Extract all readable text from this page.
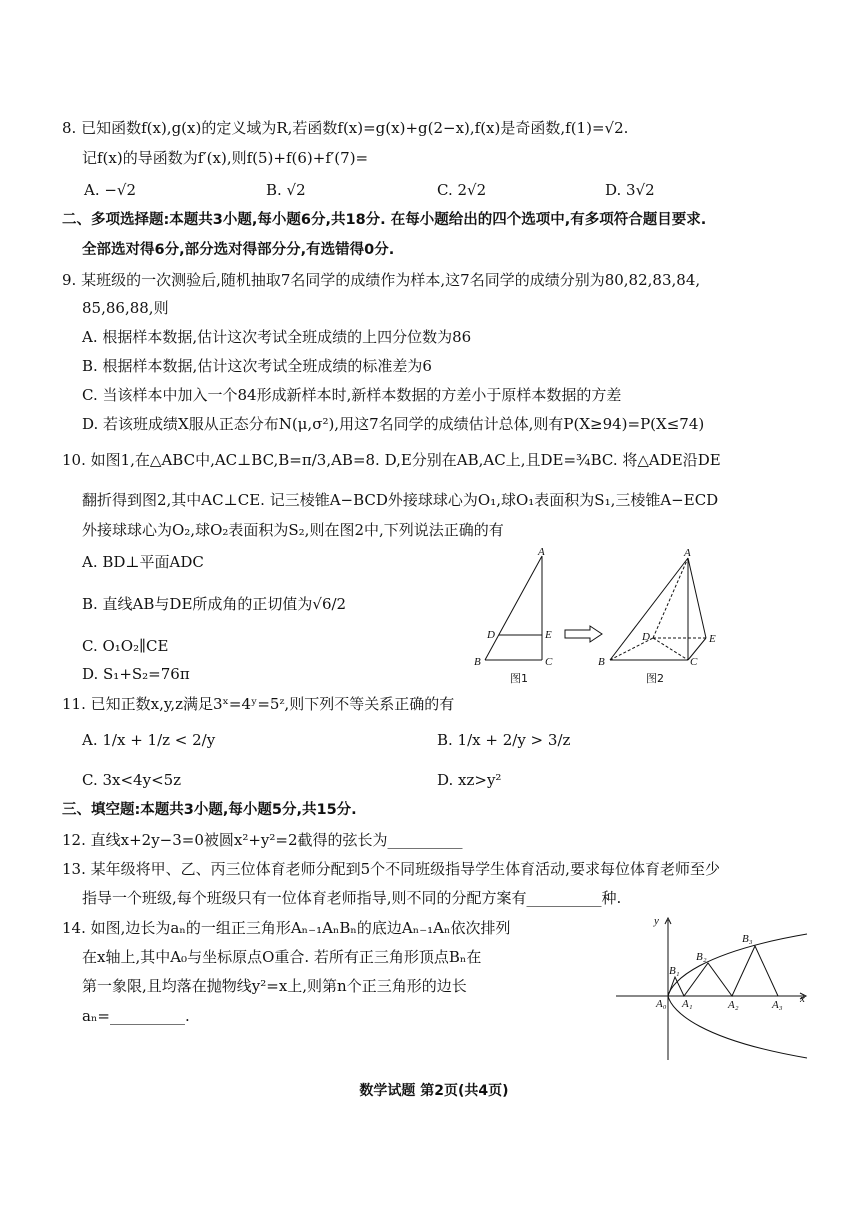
8. 已知函数f(x),g(x)的定义域为R,若函数f(x)=g(x)+g(2−x),f(x)是奇函数,f(1)=√2.
记f(x)的导函数为f′(x),则f(5)+f(6)+f′(7)=
A. −√2	B. √2	C. 2√2	D. 3√2
二、多项选择题:本题共3小题,每小题6分,共18分. 在每小题给出的四个选项中,有多项符合题目要求.
全部选对得6分,部分选对得部分分,有选错得0分.
9. 某班级的一次测验后,随机抽取7名同学的成绩作为样本,这7名同学的成绩分别为80,82,83,84,
85,86,88,则
A. 根据样本数据,估计这次考试全班成绩的上四分位数为86
B. 根据样本数据,估计这次考试全班成绩的标准差为6
C. 当该样本中加入一个84形成新样本时,新样本数据的方差小于原样本数据的方差
D. 若该班成绩X服从正态分布N(μ,σ²),用这7名同学的成绩估计总体,则有P(X≥94)=P(X≤74)
10. 如图1,在△ABC中,AC⊥BC,B=π/3,AB=8. D,E分别在AB,AC上,且DE=¾BC. 将△ADE沿DE
翻折得到图2,其中AC⊥CE. 记三棱锥A−BCD外接球球心为O₁,球O₁表面积为S₁,三棱锥A−ECD
外接球球心为O₂,球O₂表面积为S₂,则在图2中,下列说法正确的有
A. BD⊥平面ADC
B. 直线AB与DE所成角的正切值为√6/2
C. O₁O₂∥CE
D. S₁+S₂=76π
A
B	C
D	E
图1
A
B	C
D	E
图2
11. 已知正数x,y,z满足3ˣ=4ʸ=5ᶻ,则下列不等关系正确的有
A. 1/x + 1/z < 2/y	B. 1/x + 2/y > 3/z
C. 3x<4y<5z	D. xz>y²
三、填空题:本题共3小题,每小题5分,共15分.
12. 直线x+2y−3=0被圆x²+y²=2截得的弦长为__________
13. 某年级将甲、乙、丙三位体育老师分配到5个不同班级指导学生体育活动,要求每位体育老师至少
指导一个班级,每个班级只有一位体育老师指导,则不同的分配方案有__________种.
14. 如图,边长为aₙ的一组正三角形Aₙ₋₁AₙBₙ的底边Aₙ₋₁Aₙ依次排列
在x轴上,其中A₀与坐标原点O重合. 若所有正三角形顶点Bₙ在
第一象限,且均落在抛物线y²=x上,则第n个正三角形的边长
aₙ=__________.
x
y
A₀ A₁	A₂	A₃
B₁
B₂
B₃
数学试题 第2页(共4页)
